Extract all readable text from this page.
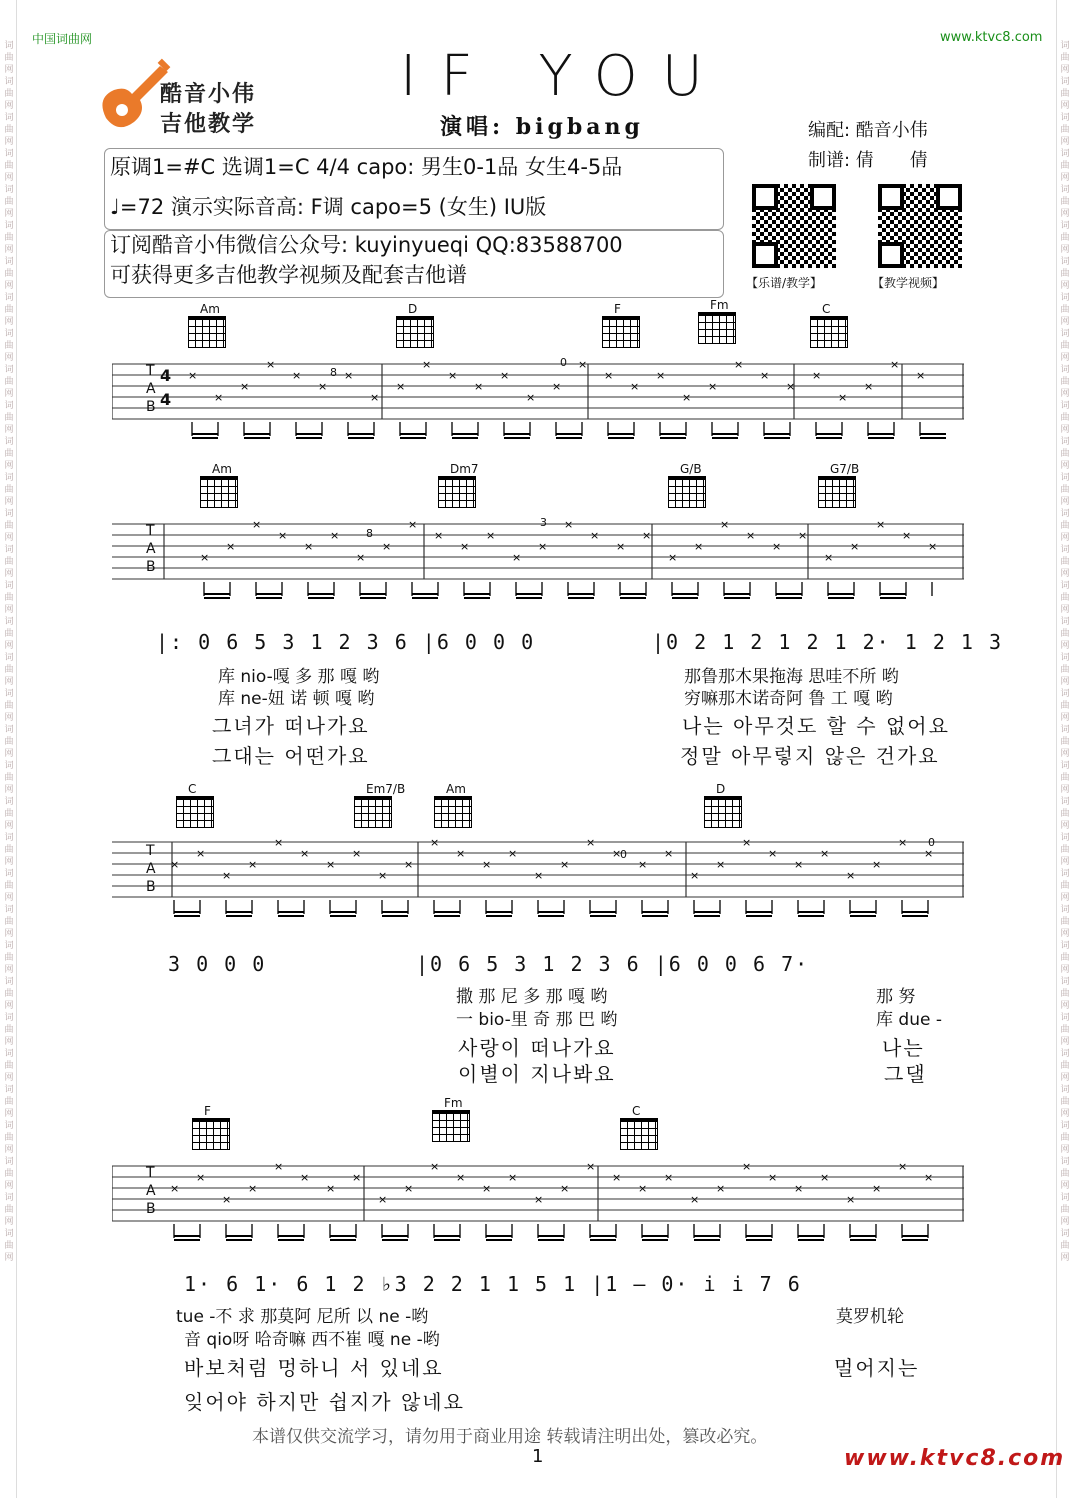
词曲网词曲网词曲网词曲网词曲网词曲网词曲网词曲网词曲网词曲网词曲网词曲网词曲网词曲网词曲网词曲网词曲网词曲网词曲网词曲网词曲网词曲网词曲网词曲网词曲网词曲网词曲网词曲网词曲网词曲网词曲网词曲网词曲网词曲网
词曲网词曲网词曲网词曲网词曲网词曲网词曲网词曲网词曲网词曲网词曲网词曲网词曲网词曲网词曲网词曲网词曲网词曲网词曲网词曲网词曲网词曲网词曲网词曲网词曲网词曲网词曲网词曲网词曲网词曲网词曲网词曲网词曲网词曲网
中国词曲网	www.ktvc8.com
酷音小伟
吉他教学
IF YOU
演唱: bigbang	编配: 酷音小伟
制谱: 倩　　倩
原调1=#C 选调1=C 4/4 capo: 男生0-1品 女生4-5品
♩=72 演示实际音高: F调 capo=5 (女生) IU版
订阅酷音小伟微信公众号: kuyinyueqi QQ:83588700
可获得更多吉他教学视频及配套吉他谱	【乐谱/教学】	【教学视频】
Am	D	F	Fm	C
Am	Dm7	G/B	G7/B
C	Em7/B	Am	D
F
Fm
C
×
×
×
×
×
×
×
×
×
×
×
×
×
×
×
×
×
×
×
×
×
×
×
×
×
×
×
×
×
×
×
×
×
×
×
×
×
×
×
×
×
×
×
×
×
×
×
×
×
×
×
×
×
×
×
×
×
×
×
×
×
×
×
×
×
×
×
×
×
×
×
×
×
×
×
×
×
×
×
×
×
×
×
×
×
×
×
×
×
×
×
×
×
×
×
×
×
×
×
×
×
×
×
×
×
×
×
×
×
×
×
×
×
×
×
×
×
×
T
A
B
4
4
T
A
B
T
A
B
T
A
B
8
0
8
3
0
0
|: 0 6 5 3 1 2 3 6 |6 0 0 0	|0 2 1 2 1 2 1 2· 1 2 1 3
库 nio-嘎 多 那 嘎 哟
库 ne-妞 诺 顿 嘎 哟
那鲁那木果拖海 思哇不所 哟
穷嘛那木诺奇阿 鲁 工 嘎 哟
그녀가 떠나가요
그대는 어떤가요
나는 아무것도 할 수 없어요
정말 아무렇지 않은 건가요
3 0 0 0	|0 6 5 3 1 2 3 6 |6 0 0 6 7·
撒 那 尼 多 那 嘎 哟
一 bio-里 奇 那 巴 哟
那 努
库 due -
사랑이 떠나가요
이별이 지나봐요
나는
그댈
1· 6 1· 6 1 2 ♭3 2 2 1 1 5 1 |1 — 0· i i 7 6
tue -不 求 那莫阿 尼所 以 ne -哟
音 qio呀 哈奇嘛 西不崔 嘎 ne -哟
莫罗机轮
바보처럼 멍하니 서 있네요	멀어지는
잊어야 하지만 쉽지가 않네요
本谱仅供交流学习，请勿用于商业用途 转载请注明出处，篡改必究。
1	www.ktvc8.com
